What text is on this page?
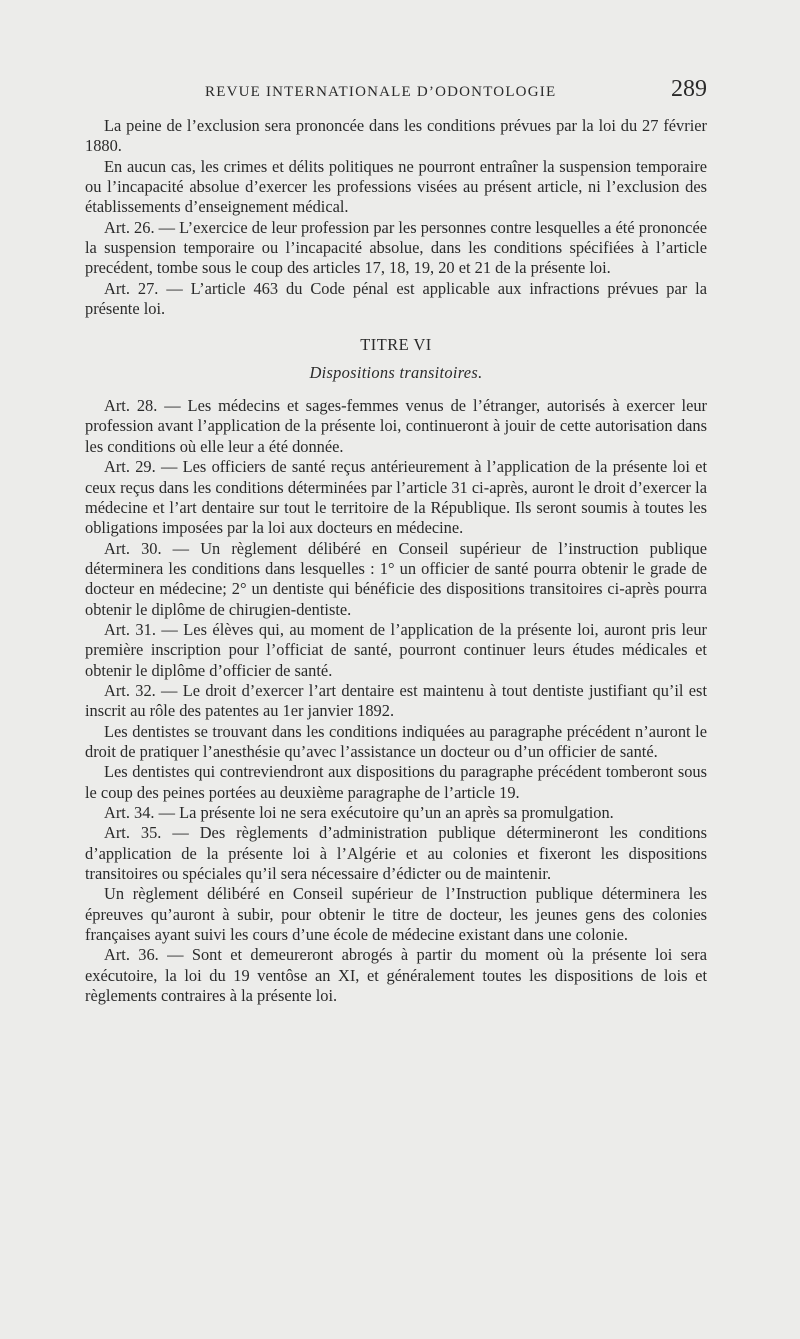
REVUE INTERNATIONALE D’ODONTOLOGIE	289

La peine de l’exclusion sera prononcée dans les conditions prévues par la loi du 27 février 1880.

En aucun cas, les crimes et délits politiques ne pourront entraîner la suspension temporaire ou l’incapacité absolue d’exercer les professions visées au présent article, ni l’exclusion des établissements d’enseignement médical.

Art. 26. — L’exercice de leur profession par les personnes contre lesquelles a été prononcée la suspension temporaire ou l’incapacité absolue, dans les conditions spécifiées à l’article precédent, tombe sous le coup des articles 17, 18, 19, 20 et 21 de la présente loi.

Art. 27. — L’article 463 du Code pénal est applicable aux infractions prévues par la présente loi.

TITRE VI

Dispositions transitoires.

Art. 28. — Les médecins et sages-femmes venus de l’étranger, autorisés à exercer leur profession avant l’application de la présente loi, continueront à jouir de cette autorisation dans les conditions où elle leur a été donnée.

Art. 29. — Les officiers de santé reçus antérieurement à l’application de la présente loi et ceux reçus dans les conditions déterminées par l’article 31 ci-après, auront le droit d’exercer la médecine et l’art dentaire sur tout le territoire de la République. Ils seront soumis à toutes les obligations imposées par la loi aux docteurs en médecine.

Art. 30. — Un règlement délibéré en Conseil supérieur de l’instruction publique déterminera les conditions dans lesquelles : 1° un officier de santé pourra obtenir le grade de docteur en médecine; 2° un dentiste qui bénéficie des dispositions transitoires ci-après pourra obtenir le diplôme de chirugien-dentiste.

Art. 31. — Les élèves qui, au moment de l’application de la présente loi, auront pris leur première inscription pour l’officiat de santé, pourront continuer leurs études médicales et obtenir le diplôme d’officier de santé.

Art. 32. — Le droit d’exercer l’art dentaire est maintenu à tout dentiste justifiant qu’il est inscrit au rôle des patentes au 1er janvier 1892.

Les dentistes se trouvant dans les conditions indiquées au paragraphe précédent n’auront le droit de pratiquer l’anesthésie qu’avec l’assistance un docteur ou d’un officier de santé.

Les dentistes qui contreviendront aux dispositions du paragraphe précédent tomberont sous le coup des peines portées au deuxième paragraphe de l’article 19.

Art. 34. — La présente loi ne sera exécutoire qu’un an après sa promulgation.

Art. 35. — Des règlements d’administration publique détermineront les conditions d’application de la présente loi à l’Algérie et au colonies et fixeront les dispositions transitoires ou spéciales qu’il sera nécessaire d’édicter ou de maintenir.

Un règlement délibéré en Conseil supérieur de l’Instruction publique déterminera les épreuves qu’auront à subir, pour obtenir le titre de docteur, les jeunes gens des colonies françaises ayant suivi les cours d’une école de médecine existant dans une colonie.

Art. 36. — Sont et demeureront abrogés à partir du moment où la présente loi sera exécutoire, la loi du 19 ventôse an XI, et généralement toutes les dispositions de lois et règlements contraires à la présente loi.
